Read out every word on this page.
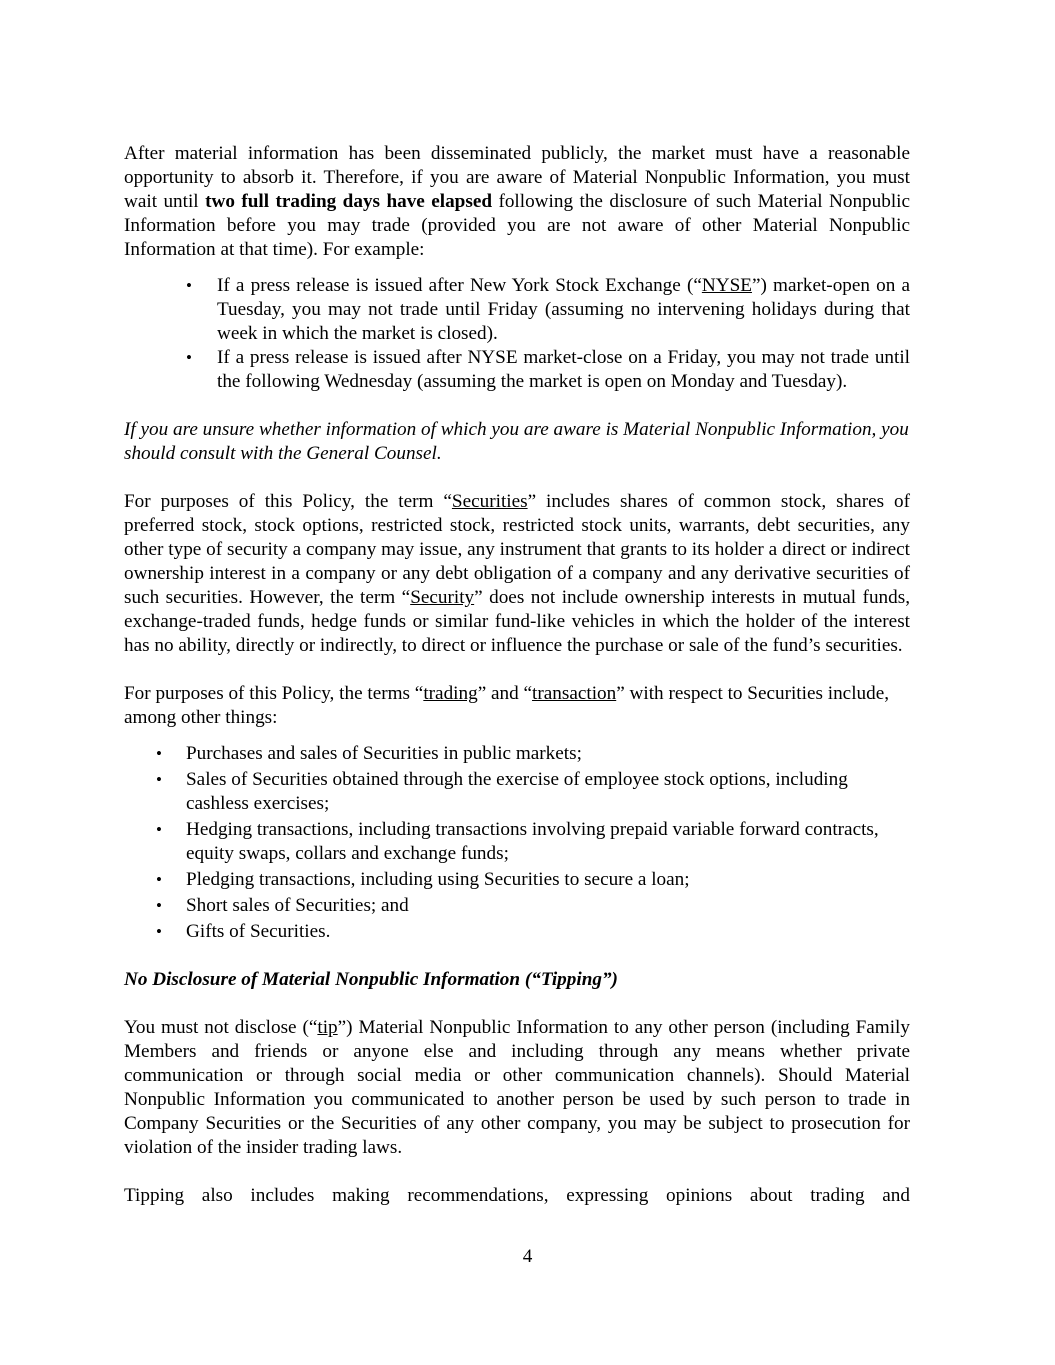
After material information has been disseminated publicly, the market must have a reasonable opportunity to absorb it. Therefore, if you are aware of Material Nonpublic Information, you must wait until two full trading days have elapsed following the disclosure of such Material Nonpublic Information before you may trade (provided you are not aware of other Material Nonpublic Information at that time). For example:

• If a press release is issued after New York Stock Exchange (“NYSE”) market-open on a Tuesday, you may not trade until Friday (assuming no intervening holidays during that week in which the market is closed).
• If a press release is issued after NYSE market-close on a Friday, you may not trade until the following Wednesday (assuming the market is open on Monday and Tuesday).

If you are unsure whether information of which you are aware is Material Nonpublic Information, you should consult with the General Counsel.

For purposes of this Policy, the term “Securities” includes shares of common stock, shares of preferred stock, stock options, restricted stock, restricted stock units, warrants, debt securities, any other type of security a company may issue, any instrument that grants to its holder a direct or indirect ownership interest in a company or any debt obligation of a company and any derivative securities of such securities. However, the term “Security” does not include ownership interests in mutual funds, exchange-traded funds, hedge funds or similar fund-like vehicles in which the holder of the interest has no ability, directly or indirectly, to direct or influence the purchase or sale of the fund’s securities.

For purposes of this Policy, the terms “trading” and “transaction” with respect to Securities include, among other things:

• Purchases and sales of Securities in public markets;
• Sales of Securities obtained through the exercise of employee stock options, including cashless exercises;
• Hedging transactions, including transactions involving prepaid variable forward contracts, equity swaps, collars and exchange funds;
• Pledging transactions, including using Securities to secure a loan;
• Short sales of Securities; and
• Gifts of Securities.

No Disclosure of Material Nonpublic Information (“Tipping”)

You must not disclose (“tip”) Material Nonpublic Information to any other person (including Family Members and friends or anyone else and including through any means whether private communication or through social media or other communication channels). Should Material Nonpublic Information you communicated to another person be used by such person to trade in Company Securities or the Securities of any other company, you may be subject to prosecution for violation of the insider trading laws.

Tipping also includes making recommendations, expressing opinions about trading and

4
